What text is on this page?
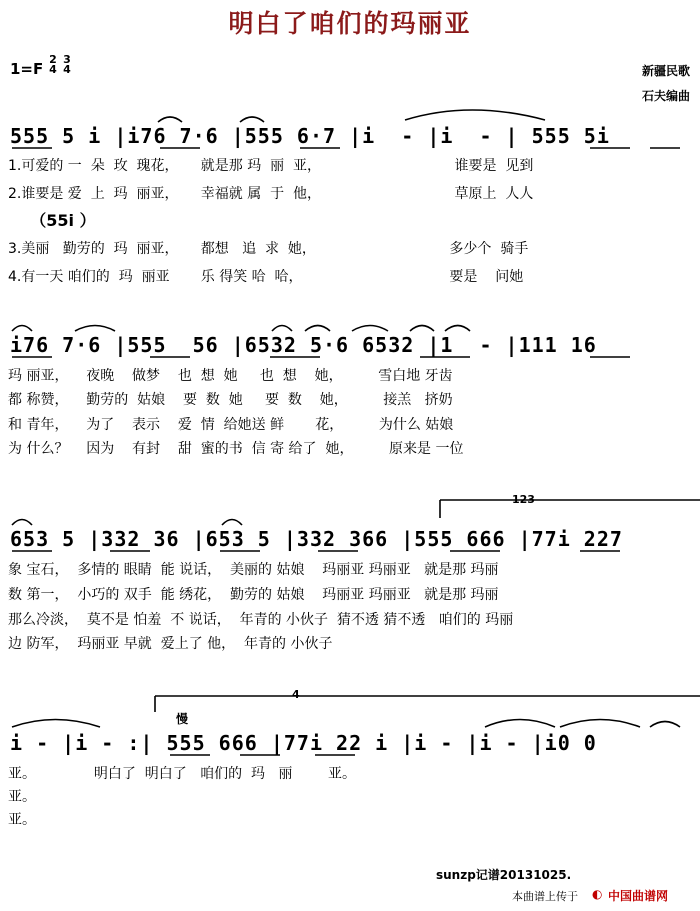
明白了咱们的玛丽亚
1=F
2
4
3
4	新疆民歌
石夫编曲
555 5 i |i76 7·6 |555 6·7 |i  - |i  - | 555 5i
1.可爱的 一  朵  玫  瑰花，     就是那 玛  丽  亚，                              谁要是  见到
2.谁要是 爱  上  玛  丽亚，     幸福就 属  于  他，                              草原上  人人
（55i ）
3.美丽   勤劳的  玛  丽亚，     都想   追  求  她，                              多少个  骑手
4.有一天 咱们的  玛  丽亚       乐 得笑 哈  哈，                                 要是    问她
i76 7·6 |555  56 |6532 5·6 6532 |1  - |111 16
玛 丽亚，    夜晚    做梦    也  想  她     也  想    她，        雪白地 牙齿
都 称赞，    勤劳的  姑娘    要  数  她     要  数    她，        接羔   挤奶
和 青年，    为了    表示    爱  情  给她送 鲜       花，        为什么 姑娘
为 什么？    因为    有封    甜  蜜的书  信 寄 给了  她，        原来是 一位
123
653 5 |332 36 |653 5 |332 366 |555 666 |77i 227
象 宝石，  多情的 眼睛  能 说话，  美丽的 姑娘    玛丽亚 玛丽亚   就是那 玛丽
数 第一，  小巧的 双手  能 绣花，  勤劳的 姑娘    玛丽亚 玛丽亚   就是那 玛丽
那么冷淡，  莫不是 怕羞  不 说话，  年青的 小伙子  猜不透 猜不透   咱们的 玛丽
边 防军，  玛丽亚 早就  爱上了 他，  年青的 小伙子
4
慢
i - |i - :| 555 666 |77i 22 i |i - |i - |i0 0
亚。             明白了  明白了   咱们的  玛   丽        亚。
亚。
亚。
sunzp记谱20131025.
本曲谱上传于 ◐ 中国曲谱网
